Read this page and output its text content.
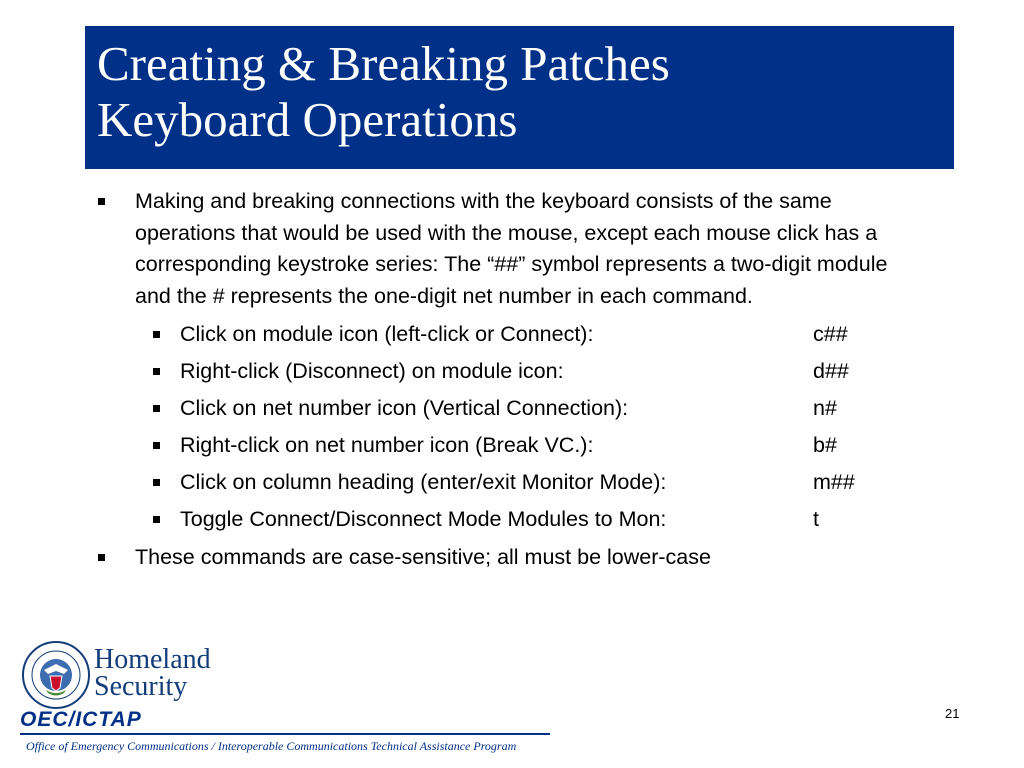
Creating & Breaking Patches
Keyboard Operations
Making and breaking connections with the keyboard consists of the same operations that would be used with the mouse, except each mouse click has a corresponding keystroke series: The “##” symbol represents a two-digit module and the # represents the one-digit net number in each command.
Click on module icon (left-click or Connect):	c##
Right-click (Disconnect) on module icon:	d##
Click on net number icon (Vertical Connection):	n#
Right-click on net number icon (Break VC.):	b#
Click on column heading (enter/exit Monitor Mode):	m##
Toggle Connect/Disconnect Mode Modules to Mon:	t
These commands are case-sensitive; all must be lower-case
Homeland
Security
OEC/ICTAP
Office of Emergency Communications / Interoperable Communications Technical Assistance Program
21
